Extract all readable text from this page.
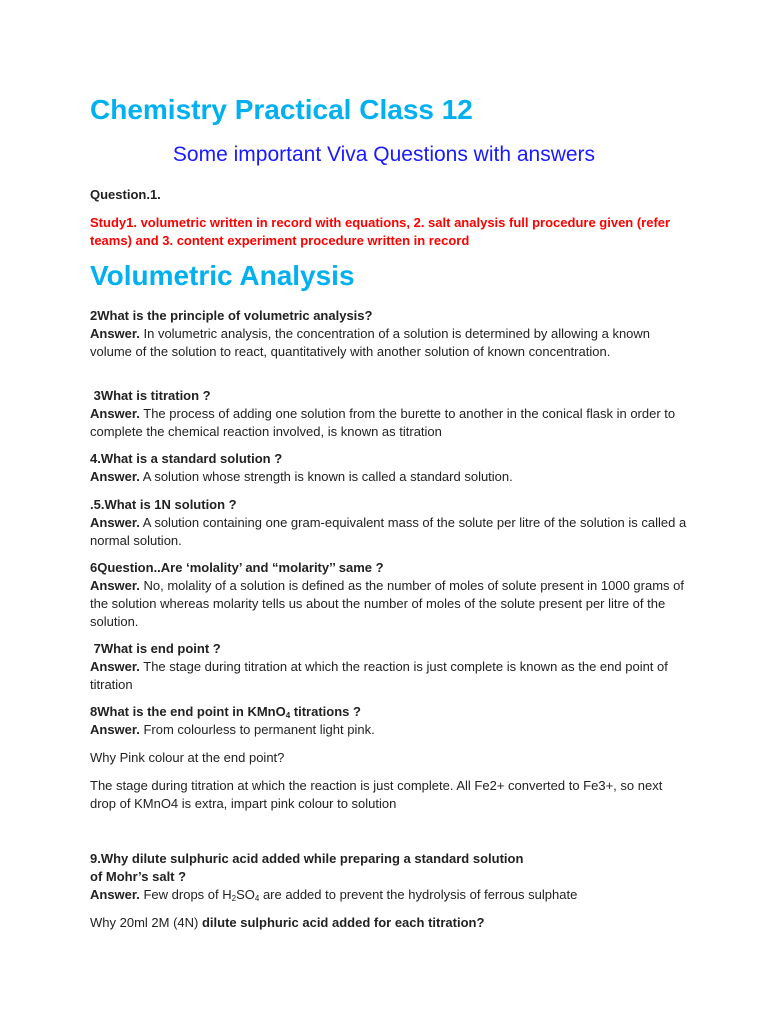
Chemistry Practical Class 12
Some important Viva Questions with answers
Question.1.
Study1. volumetric written in record with equations, 2. salt analysis full procedure given (refer teams) and 3. content experiment procedure written in record
Volumetric Analysis
2What is the principle of volumetric analysis?
Answer. In volumetric analysis, the concentration of a solution is determined by allowing a known volume of the solution to react, quantitatively with another solution of known concentration.
3What is titration ?
Answer. The process of adding one solution from the burette to another in the conical flask in order to complete the chemical reaction involved, is known as titration
4.What is a standard solution ?
Answer. A solution whose strength is known is called a standard solution.
.5.What is 1N solution ?
Answer. A solution containing one gram-equivalent mass of the solute per litre of the solution is called a normal solution.
6Question..Are ‘molality’ and “molarity’’ same ?
Answer. No, molality of a solution is defined as the number of moles of solute present in 1000 grams of the solution whereas molarity tells us about the number of moles of the solute present per litre of the solution.
7What is end point ?
Answer. The stage during titration at which the reaction is just complete is known as the end point of titration
8What is the end point in KMnO$_4$ titrations ?
Answer. From colourless to permanent light pink.
Why Pink colour at the end point?
The stage during titration at which the reaction is just complete. All Fe2+ converted to Fe3+, so next drop of KMnO4 is extra, impart pink colour to solution
9.Why dilute sulphuric acid added while preparing a standard solution
of Mohr’s salt ?
Answer. Few drops of $H_2SO_4$ are added to prevent the hydrolysis of ferrous sulphate
Why 20ml 2M (4N) dilute sulphuric acid added for each titration?
